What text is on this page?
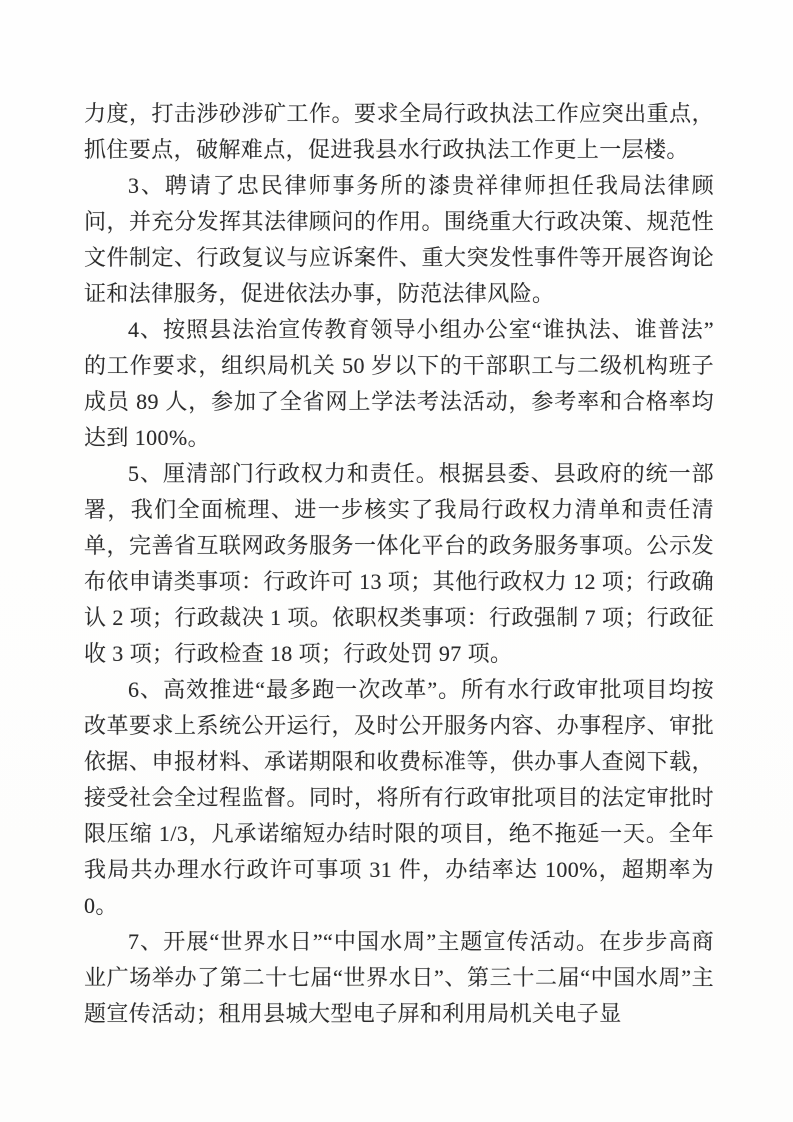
力度，打击涉砂涉矿工作。要求全局行政执法工作应突出重点，抓住要点，破解难点，促进我县水行政执法工作更上一层楼。

3、聘请了忠民律师事务所的漆贵祥律师担任我局法律顾问，并充分发挥其法律顾问的作用。围绕重大行政决策、规范性文件制定、行政复议与应诉案件、重大突发性事件等开展咨询论证和法律服务，促进依法办事，防范法律风险。

4、按照县法治宣传教育领导小组办公室“谁执法、谁普法”的工作要求，组织局机关 50 岁以下的干部职工与二级机构班子成员 89 人，参加了全省网上学法考法活动，参考率和合格率均达到 100%。

5、厘清部门行政权力和责任。根据县委、县政府的统一部署，我们全面梳理、进一步核实了我局行政权力清单和责任清单，完善省互联网政务服务一体化平台的政务服务事项。公示发布依申请类事项：行政许可 13 项；其他行政权力 12 项；行政确认 2 项；行政裁决 1 项。依职权类事项：行政强制 7 项；行政征收 3 项；行政检查 18 项；行政处罚 97 项。

6、高效推进“最多跑一次改革”。所有水行政审批项目均按改革要求上系统公开运行，及时公开服务内容、办事程序、审批依据、申报材料、承诺期限和收费标准等，供办事人查阅下载，接受社会全过程监督。同时，将所有行政审批项目的法定审批时限压缩 1/3，凡承诺缩短办结时限的项目，绝不拖延一天。全年我局共办理水行政许可事项 31 件，办结率达 100%，超期率为 0。

7、开展“世界水日”“中国水周”主题宣传活动。在步步高商业广场举办了第二十七届“世界水日”、第三十二届“中国水周”主题宣传活动；租用县城大型电子屏和利用局机关电子显
